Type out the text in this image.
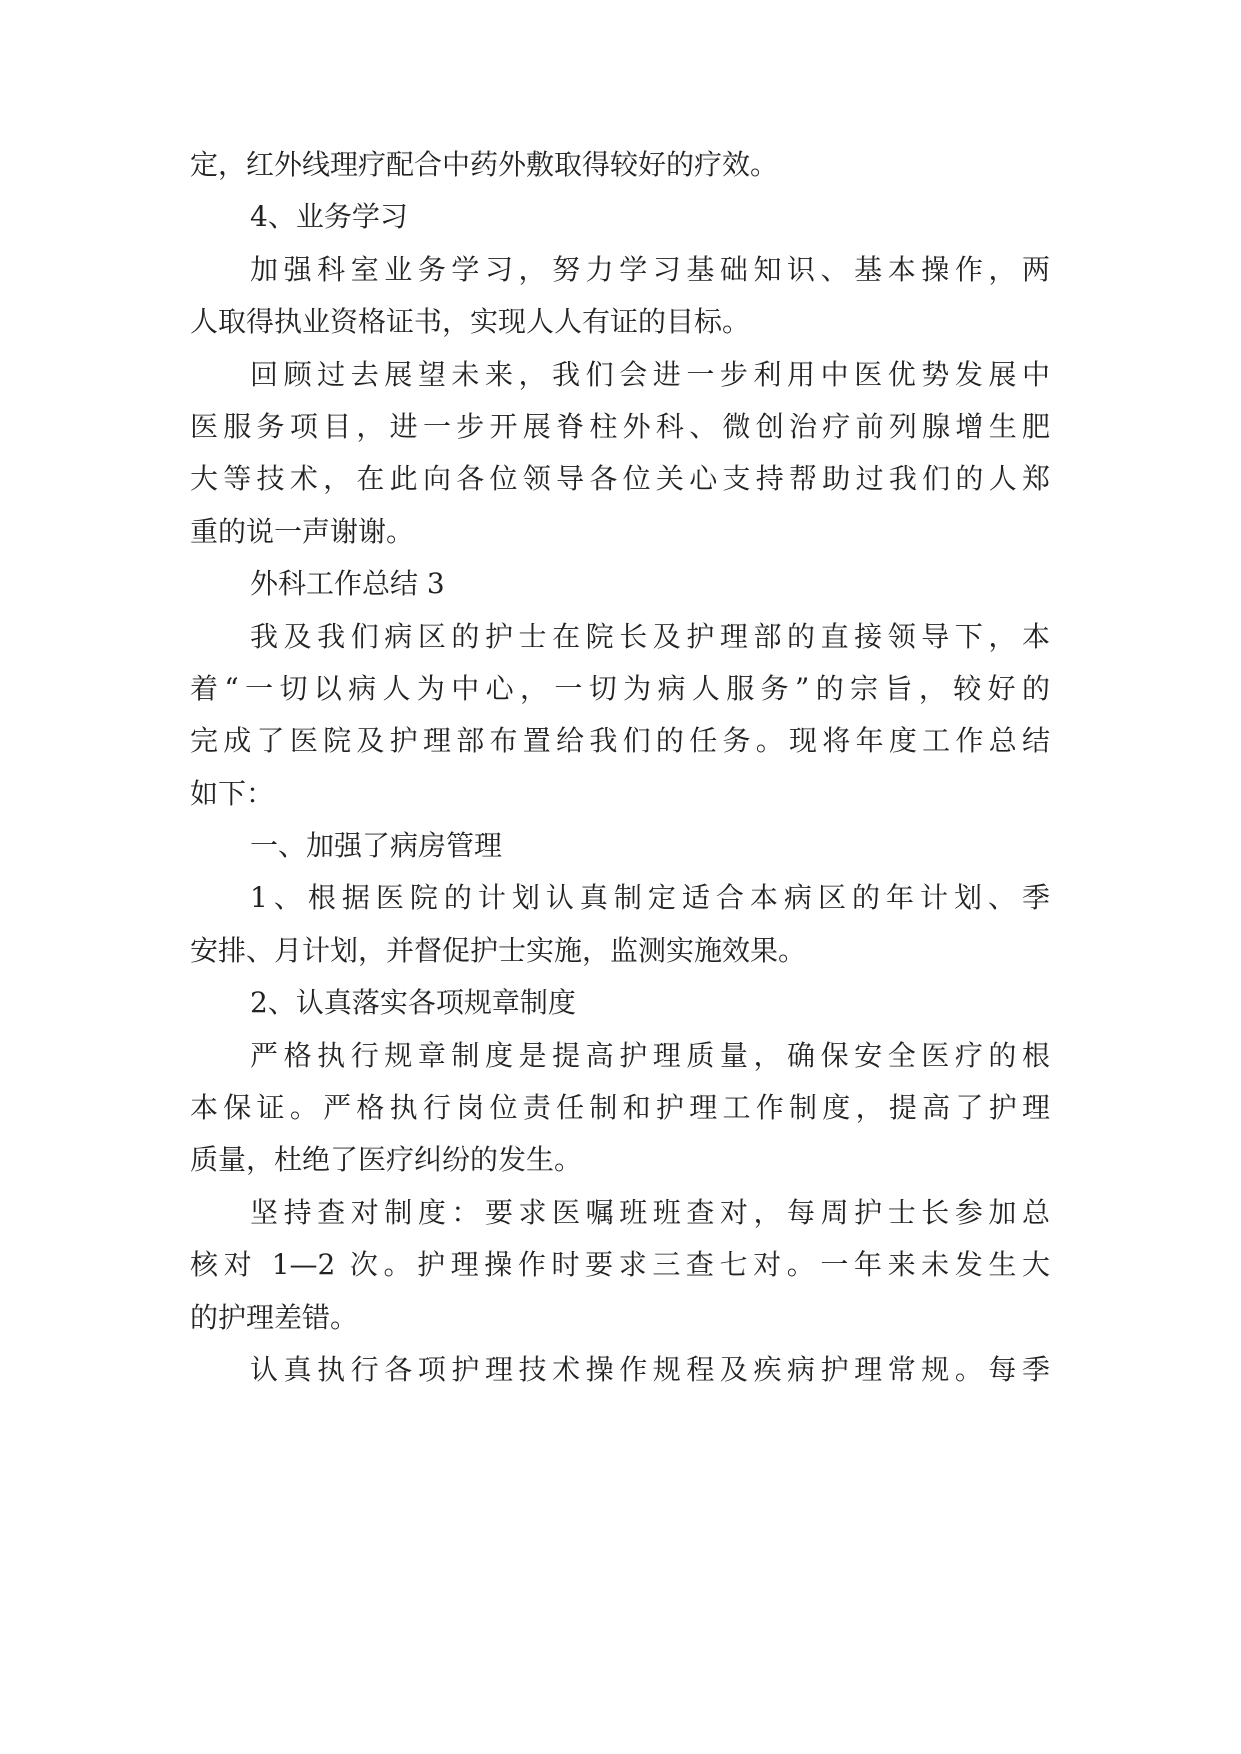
定，红外线理疗配合中药外敷取得较好的疗效。
4、业务学习
加强科室业务学习，努力学习基础知识、基本操作，两
人取得执业资格证书，实现人人有证的目标。
回顾过去展望未来，我们会进一步利用中医优势发展中
医服务项目，进一步开展脊柱外科、微创治疗前列腺增生肥
大等技术，在此向各位领导各位关心支持帮助过我们的人郑
重的说一声谢谢。
外科工作总结 3
我及我们病区的护士在院长及护理部的直接领导下，本
着“一切以病人为中心，一切为病人服务”的宗旨，较好的
完成了医院及护理部布置给我们的任务。现将年度工作总结
如下：
一、加强了病房管理
1、根据医院的计划认真制定适合本病区的年计划、季
安排、月计划，并督促护士实施，监测实施效果。
2、认真落实各项规章制度
严格执行规章制度是提高护理质量，确保安全医疗的根
本保证。严格执行岗位责任制和护理工作制度，提高了护理
质量，杜绝了医疗纠纷的发生。
坚持查对制度：要求医嘱班班查对，每周护士长参加总
核对 1—2 次。护理操作时要求三查七对。一年来未发生大
的护理差错。
认真执行各项护理技术操作规程及疾病护理常规。每季
